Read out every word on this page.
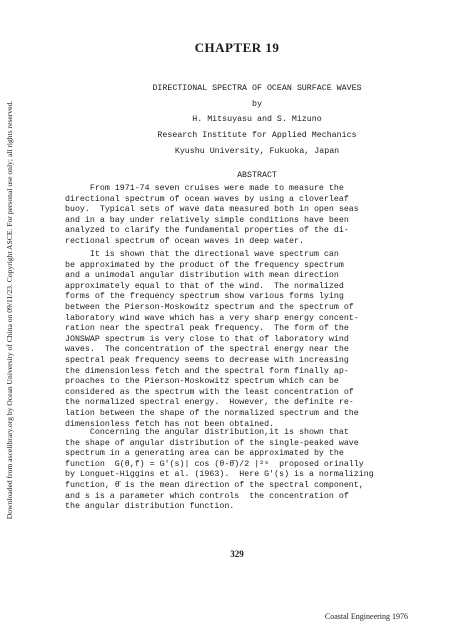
Downloaded from ascelibrary.org by Ocean University of China on 09/11/23. Copyright ASCE. For personal use only; all rights reserved.
CHAPTER 19
DIRECTIONAL SPECTRA OF OCEAN SURFACE WAVES
by
H. Mitsuyasu and S. Mizuno
Research Institute for Applied Mechanics
Kyushu University, Fukuoka, Japan
ABSTRACT

From 1971-74 seven cruises were made to measure the
directional spectrum of ocean waves by using a cloverleaf
buoy.  Typical sets of wave data measured both in open seas
and in a bay under relatively simple conditions have been
analyzed to clarify the fundamental properties of the di-
rectional spectrum of ocean waves in deep water.

It is shown that the directional wave spectrum can
be approximated by the product of the frequency spectrum
and a unimodal angular distribution with mean direction
approximately equal to that of the wind.  The normalized
forms of the frequency spectrum show various forms lying
between the Pierson-Moskowitz spectrum and the spectrum of
laboratory wind wave which has a very sharp energy concent-
ration near the spectral peak frequency.  The form of the
JONSWAP spectrum is very close to that of laboratory wind
waves.  The concentration of the spectral energy near the
spectral peak frequency seems to decrease with increasing
the dimensionless fetch and the spectral form finally ap-
proaches to the Pierson-Moskowitz spectrum which can be
considered as the spectrum with the least concentration of
the normalized spectral energy.  However, the definite re-
lation between the shape of the normalized spectrum and the
dimensionless fetch has not been obtained.

Concerning the angular distribution,it is shown that
the shape of angular distribution of the single-peaked wave
spectrum in a generating area can be approximated by the
function  G(θ,f) = G'(s)| cos (θ-θ̄)/2 |²ˢ  proposed orinally
by Longuet-Higgins et al. (1963).  Here G'(s) is a normalizing
function, θ̄ is the mean direction of the spectral component,
and s is a parameter which controls  the concentration of
the angular distribution function.

329
Coastal Engineering 1976
